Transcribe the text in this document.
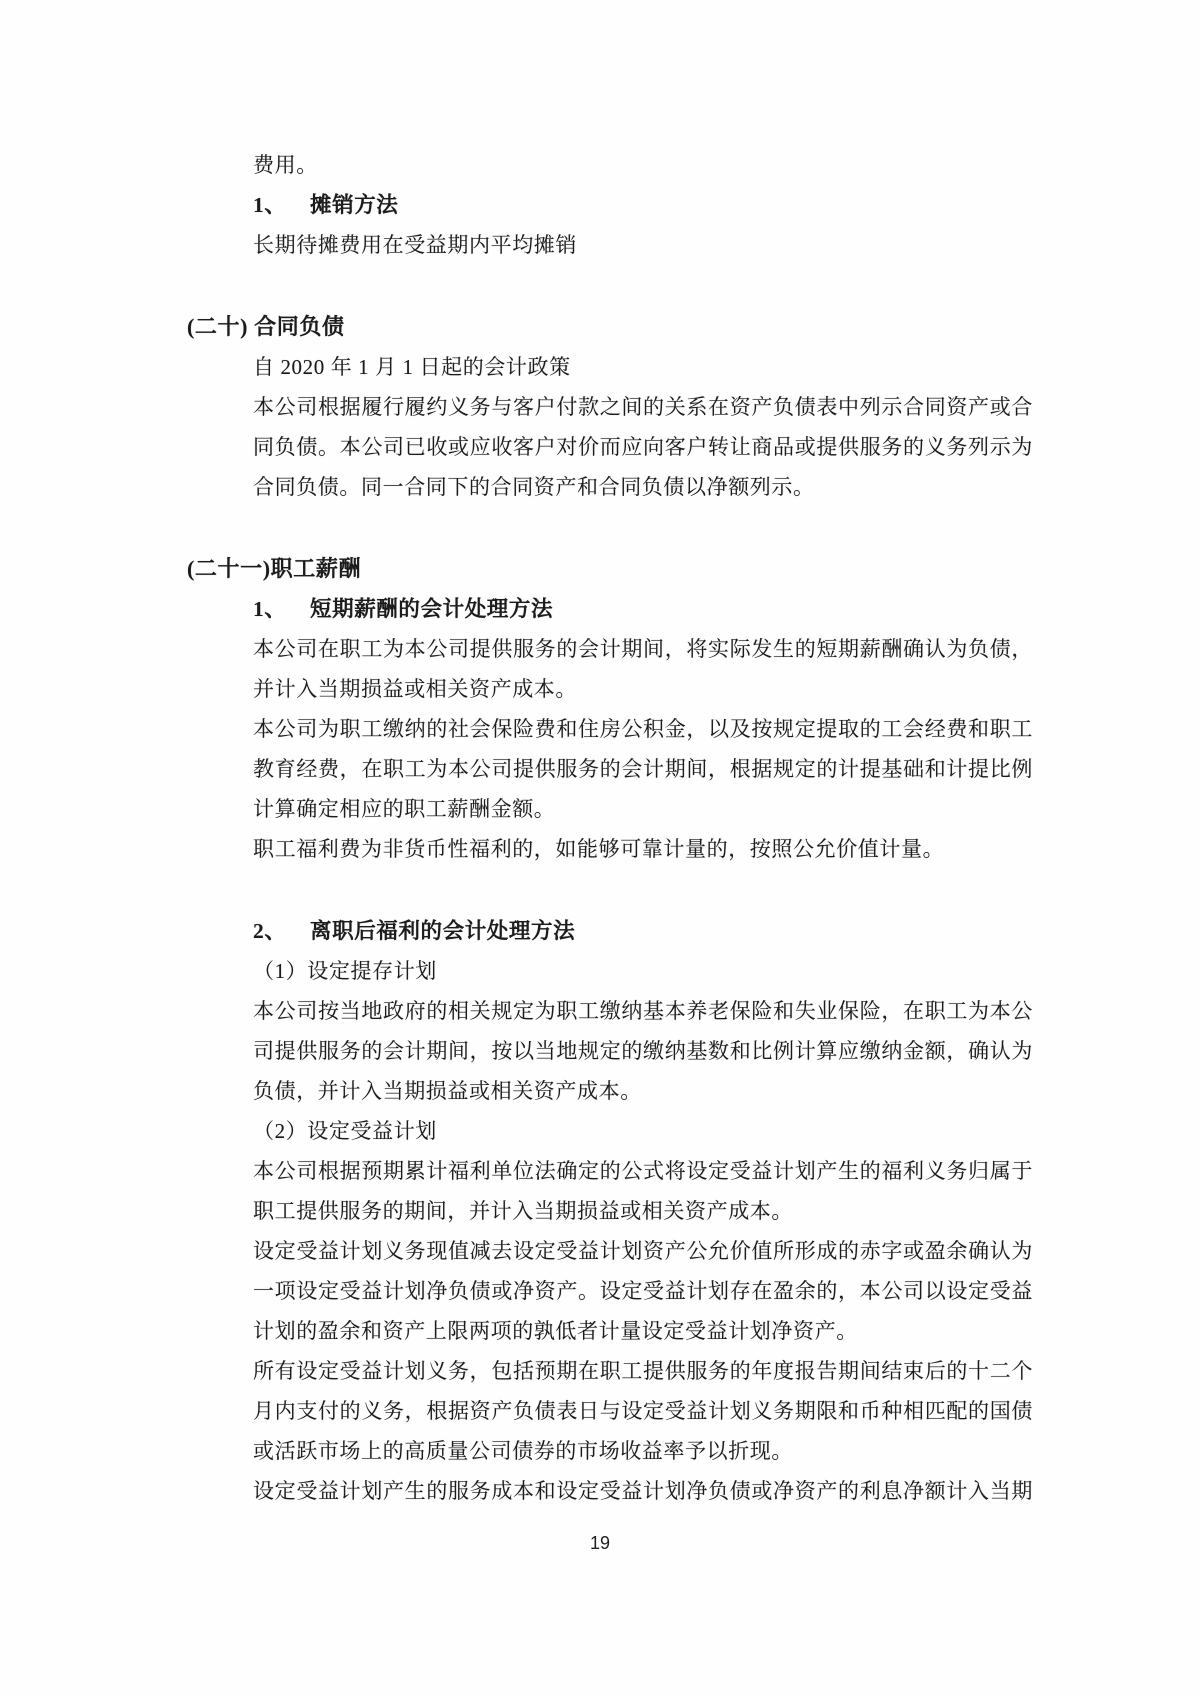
费用。
1、	摊销方法
长期待摊费用在受益期内平均摊销
(二十) 合同负债
自 2020 年 1 月 1 日起的会计政策
本公司根据履行履约义务与客户付款之间的关系在资产负债表中列示合同资产或合
同负债。本公司已收或应收客户对价而应向客户转让商品或提供服务的义务列示为
合同负债。同一合同下的合同资产和合同负债以净额列示。
(二十一)职工薪酬
1、	短期薪酬的会计处理方法
本公司在职工为本公司提供服务的会计期间，将实际发生的短期薪酬确认为负债，
并计入当期损益或相关资产成本。
本公司为职工缴纳的社会保险费和住房公积金，以及按规定提取的工会经费和职工
教育经费，在职工为本公司提供服务的会计期间，根据规定的计提基础和计提比例
计算确定相应的职工薪酬金额。
职工福利费为非货币性福利的，如能够可靠计量的，按照公允价值计量。
2、	离职后福利的会计处理方法
（1）设定提存计划
本公司按当地政府的相关规定为职工缴纳基本养老保险和失业保险，在职工为本公
司提供服务的会计期间，按以当地规定的缴纳基数和比例计算应缴纳金额，确认为
负债，并计入当期损益或相关资产成本。
（2）设定受益计划
本公司根据预期累计福利单位法确定的公式将设定受益计划产生的福利义务归属于
职工提供服务的期间，并计入当期损益或相关资产成本。
设定受益计划义务现值减去设定受益计划资产公允价值所形成的赤字或盈余确认为
一项设定受益计划净负债或净资产。设定受益计划存在盈余的，本公司以设定受益
计划的盈余和资产上限两项的孰低者计量设定受益计划净资产。
所有设定受益计划义务，包括预期在职工提供服务的年度报告期间结束后的十二个
月内支付的义务，根据资产负债表日与设定受益计划义务期限和币种相匹配的国债
或活跃市场上的高质量公司债券的市场收益率予以折现。
设定受益计划产生的服务成本和设定受益计划净负债或净资产的利息净额计入当期
19
